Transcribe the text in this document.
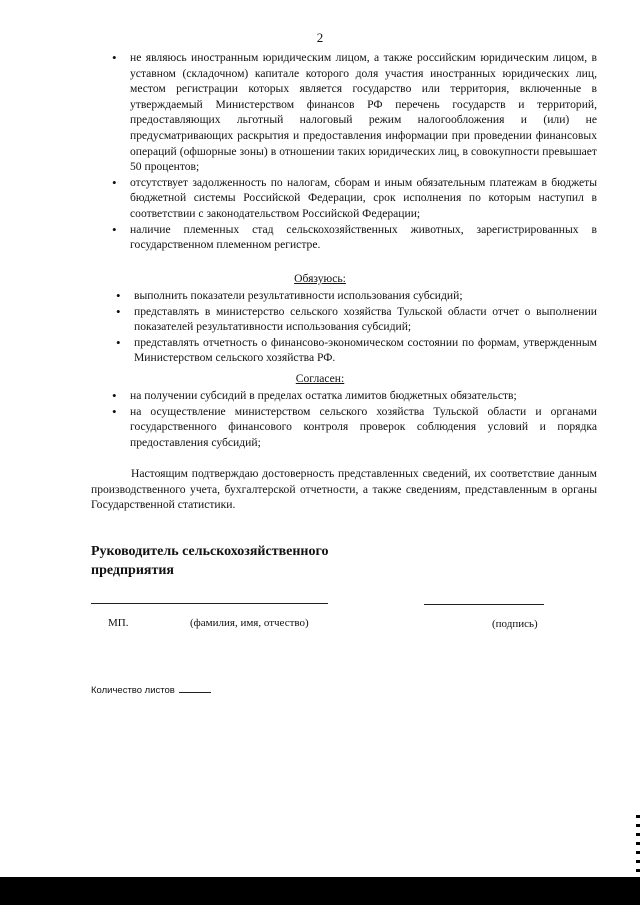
2
• не являюсь иностранным юридическим лицом, а также российским юридическим лицом, в уставном (складочном) капитале которого доля участия иностранных юридических лиц, местом регистрации которых является государство или территория, включенные в утверждаемый Министерством финансов РФ перечень государств и территорий, предоставляющих льготный налоговый режим налогообложения и (или) не предусматривающих раскрытия и предоставления информации при проведении финансовых операций (офшорные зоны) в отношении таких юридических лиц, в совокупности превышает 50 процентов;
• отсутствует задолженность по налогам, сборам и иным обязательным платежам в бюджеты бюджетной системы Российской Федерации, срок исполнения по которым наступил в соответствии с законодательством Российской Федерации;
• наличие племенных стад сельскохозяйственных животных, зарегистрированных в государственном племенном регистре.
Обязуюсь:
• выполнить показатели результативности использования субсидий;
• представлять в министерство сельского хозяйства Тульской области отчет о выполнении показателей результативности использования субсидий;
• представлять отчетность о финансово-экономическом состоянии по формам, утвержденным Министерством сельского хозяйства РФ.
Согласен:
• на получении субсидий в пределах остатка лимитов бюджетных обязательств;
• на осуществление министерством сельского хозяйства Тульской области и органами государственного финансового контроля проверок соблюдения условий и порядка предоставления субсидий;

Настоящим подтверждаю достоверность представленных сведений, их соответствие данным производственного учета, бухгалтерской отчетности, а также сведениям, представленным в органы Государственной статистики.

Руководитель сельскохозяйственного
предприятия
МП.	(фамилия, имя, отчество)	(подпись)
Количество листов
